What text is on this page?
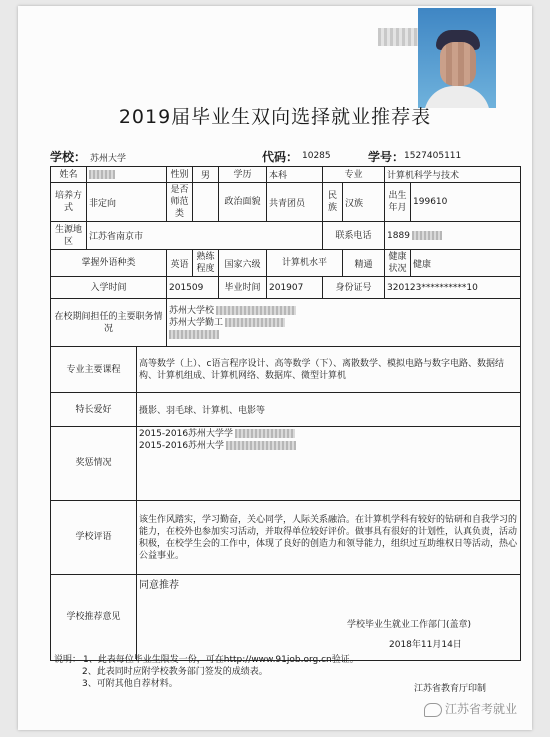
2019届毕业生双向选择就业推荐表
学校： 苏州大学	代码： 10285	学号： 1527405111
姓名			性别	男	学历	本科	专业		计算机科学与技术	
培养方式	非定向		是否师范类		政治面貌	共青团员	民族	汉族	出生年月	199610
生源地区	江苏省南京市						联系电话		1889	
掌握外语种类			英语	熟练程度	国家六级	计算机水平		精通	健康状况	健康
入学时间			201509		毕业时间	201907	身份证号		320123**********10	
在校期间担任的主要职务情况			苏州大学校
苏州大学勤工							

专业主要课程		高等数学（上）、c语言程序设计、高等数学（下）、离散数学、模拟电路与数字电路、数据结构、计算机组成、计算机网络、数据库、微型计算机								
特长爱好		摄影、羽毛球、计算机、电影等								
奖惩情况		2015-2016苏州大学学
2015-2016苏州大学								

学校评语		该生作风踏实，学习勤奋，关心同学，人际关系融洽。在计算机学科有较好的钻研和自我学习的能力，在校外也参加实习活动，并取得单位较好评价。做事具有很好的计划性，认真负责，活动积极，在校学生会的工作中，体现了良好的创造力和领导能力，组织过互助维权日等活动，热心公益事业。								
学校推荐意见		同意推荐
学校毕业生就业工作部门(盖章)
2018年11月14日								
说明： 1、此表每位毕业生限发一份，可在http://www.91job.org.cn验证。
2、此表同时应附学校教务部门签发的成绩表。
3、可附其他自荐材料。	江苏省教育厅印制
江苏省考就业
